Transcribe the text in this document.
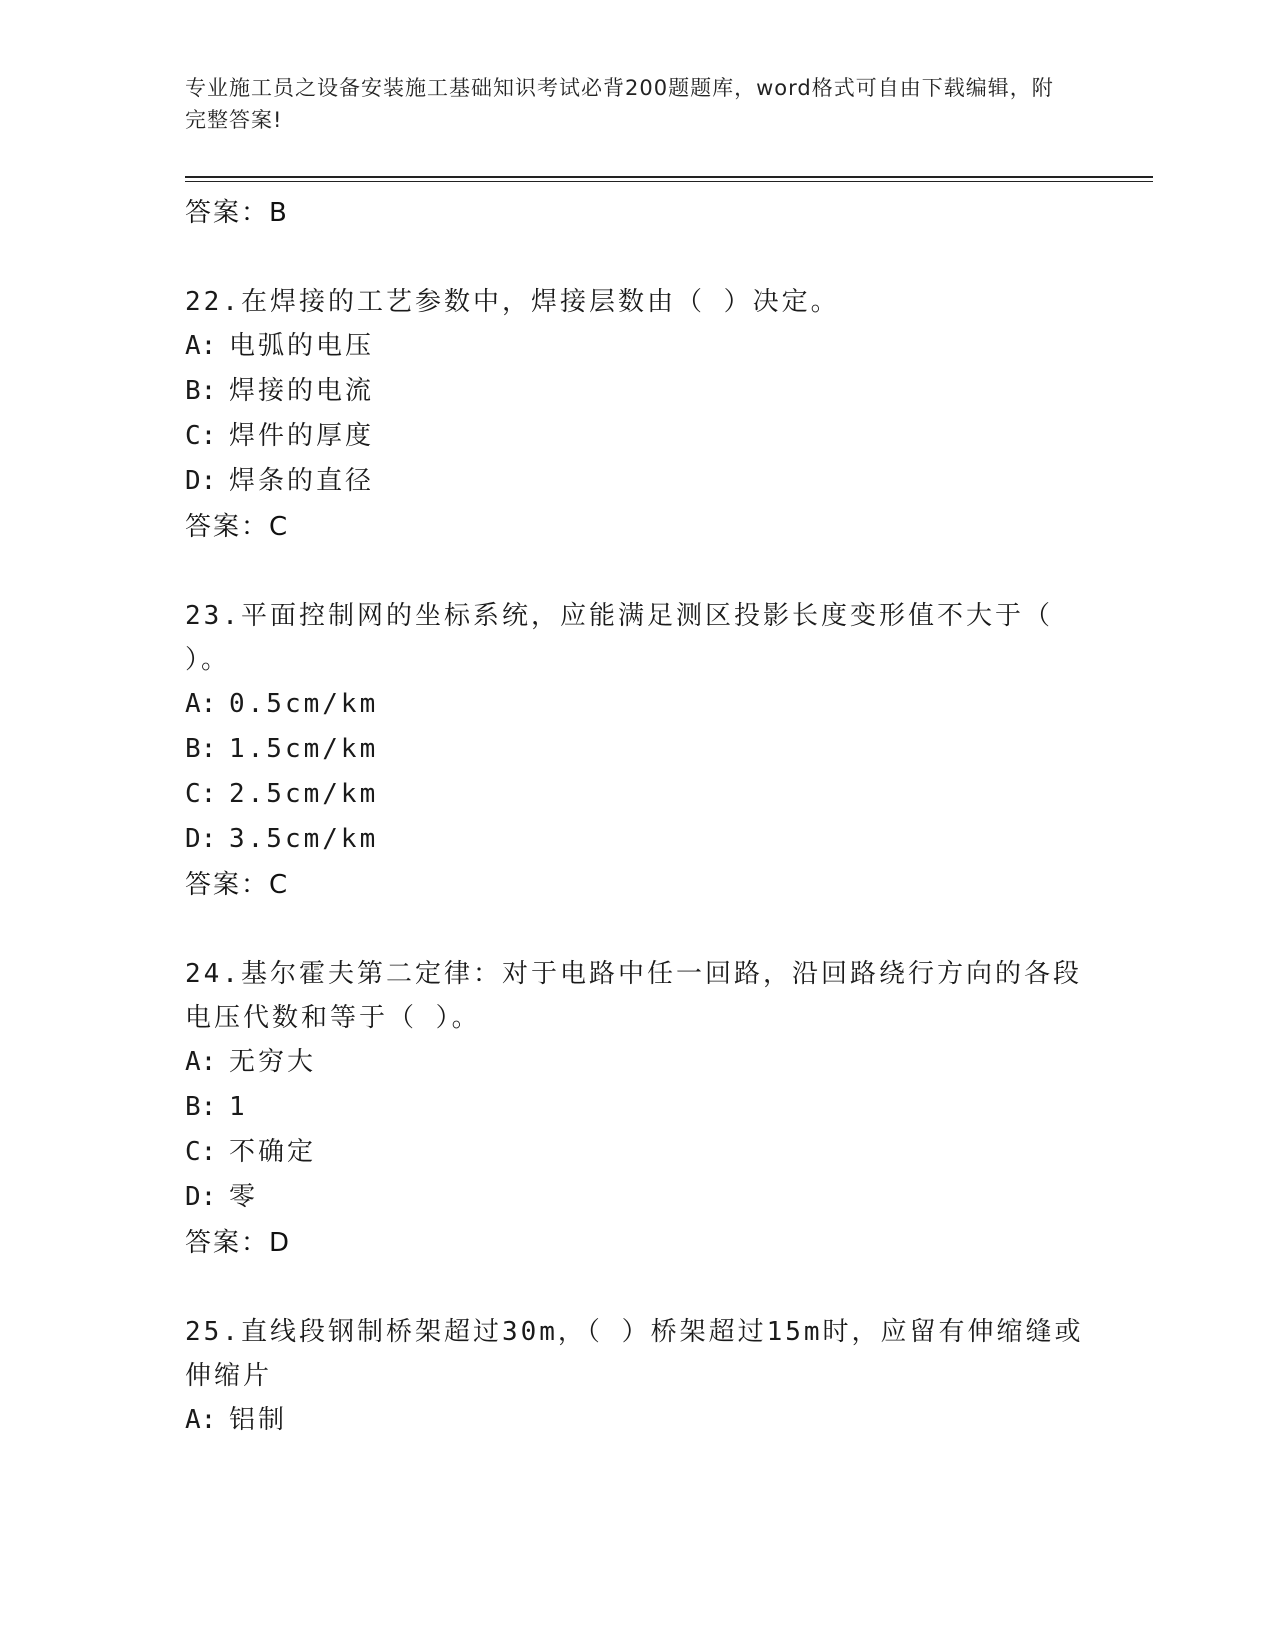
专业施工员之设备安装施工基础知识考试必背200题题库，word格式可自由下载编辑，附完整答案!
答案：B
22.在焊接的工艺参数中，焊接层数由（ ）决定。
A: 电弧的电压
B: 焊接的电流
C: 焊件的厚度
D: 焊条的直径
答案：C
23.平面控制网的坐标系统，应能满足测区投影长度变形值不大于（ ）。
A: 0.5cm/km
B: 1.5cm/km
C: 2.5cm/km
D: 3.5cm/km
答案：C
24.基尔霍夫第二定律：对于电路中任一回路，沿回路绕行方向的各段电压代数和等于（ ）。
A: 无穷大
B: 1
C: 不确定
D: 零
答案：D
25.直线段钢制桥架超过30m，（ ）桥架超过15m时，应留有伸缩缝或伸缩片
A: 铝制
